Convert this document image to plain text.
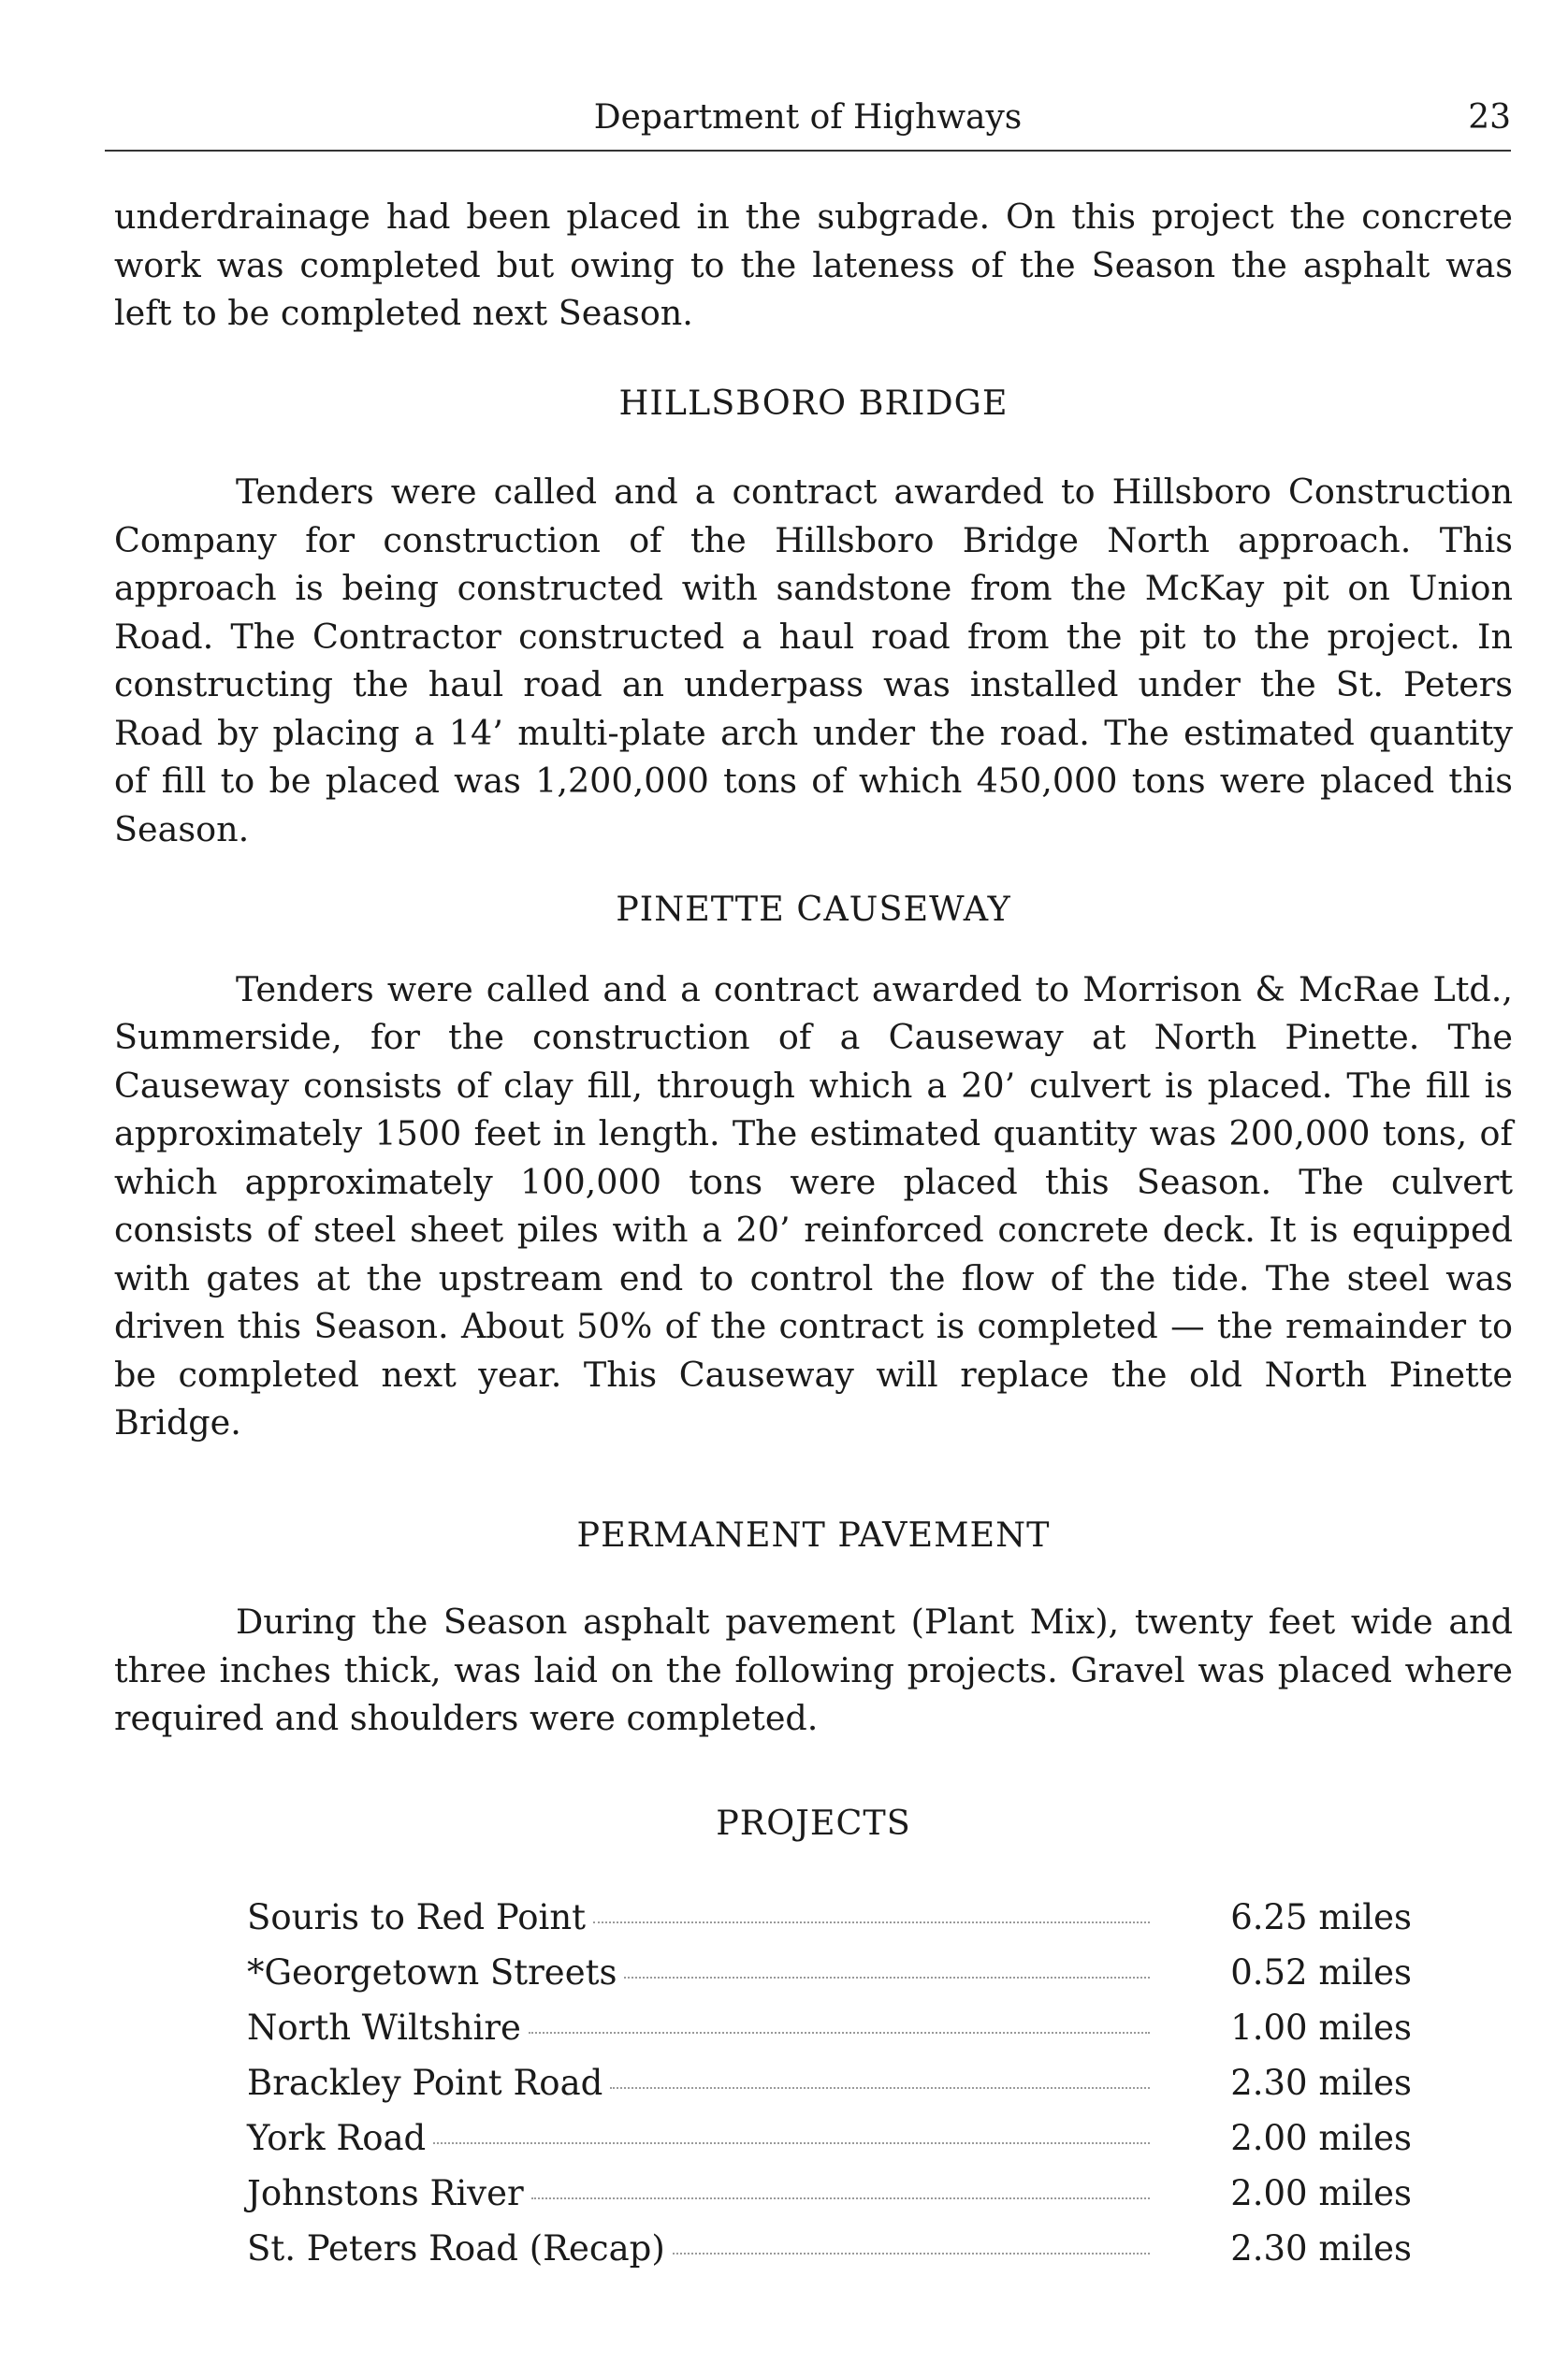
Department of Highways	23

underdrainage had been placed in the subgrade. On this project the concrete work was completed but owing to the lateness of the Season the asphalt was left to be completed next Season.

HILLSBORO BRIDGE

Tenders were called and a contract awarded to Hillsboro Construction Company for construction of the Hillsboro Bridge North approach. This approach is being constructed with sandstone from the McKay pit on Union Road. The Contractor constructed a haul road from the pit to the project. In constructing the haul road an underpass was installed under the St. Peters Road by placing a 14’ multi-plate arch under the road. The estimated quantity of fill to be placed was 1,200,000 tons of which 450,000 tons were placed this Season.

PINETTE CAUSEWAY

Tenders were called and a contract awarded to Morrison & McRae Ltd., Summerside, for the construction of a Causeway at North Pinette. The Causeway consists of clay fill, through which a 20’ culvert is placed. The fill is approximately 1500 feet in length. The estimated quantity was 200,000 tons, of which approximately 100,000 tons were placed this Season. The culvert consists of steel sheet piles with a 20’ reinforced concrete deck. It is equipped with gates at the upstream end to control the flow of the tide. The steel was driven this Season. About 50% of the contract is completed — the remainder to be completed next year. This Causeway will replace the old North Pinette Bridge.

PERMANENT PAVEMENT

During the Season asphalt pavement (Plant Mix), twenty feet wide and three inches thick, was laid on the following projects. Gravel was placed where required and shoulders were completed.

PROJECTS
Souris to Red Point	6.25 miles
*Georgetown Streets	0.52 miles
North Wiltshire	1.00 miles
Brackley Point Road	2.30 miles
York Road	2.00 miles
Johnstons River	2.00 miles
St. Peters Road (Recap)	2.30 miles
